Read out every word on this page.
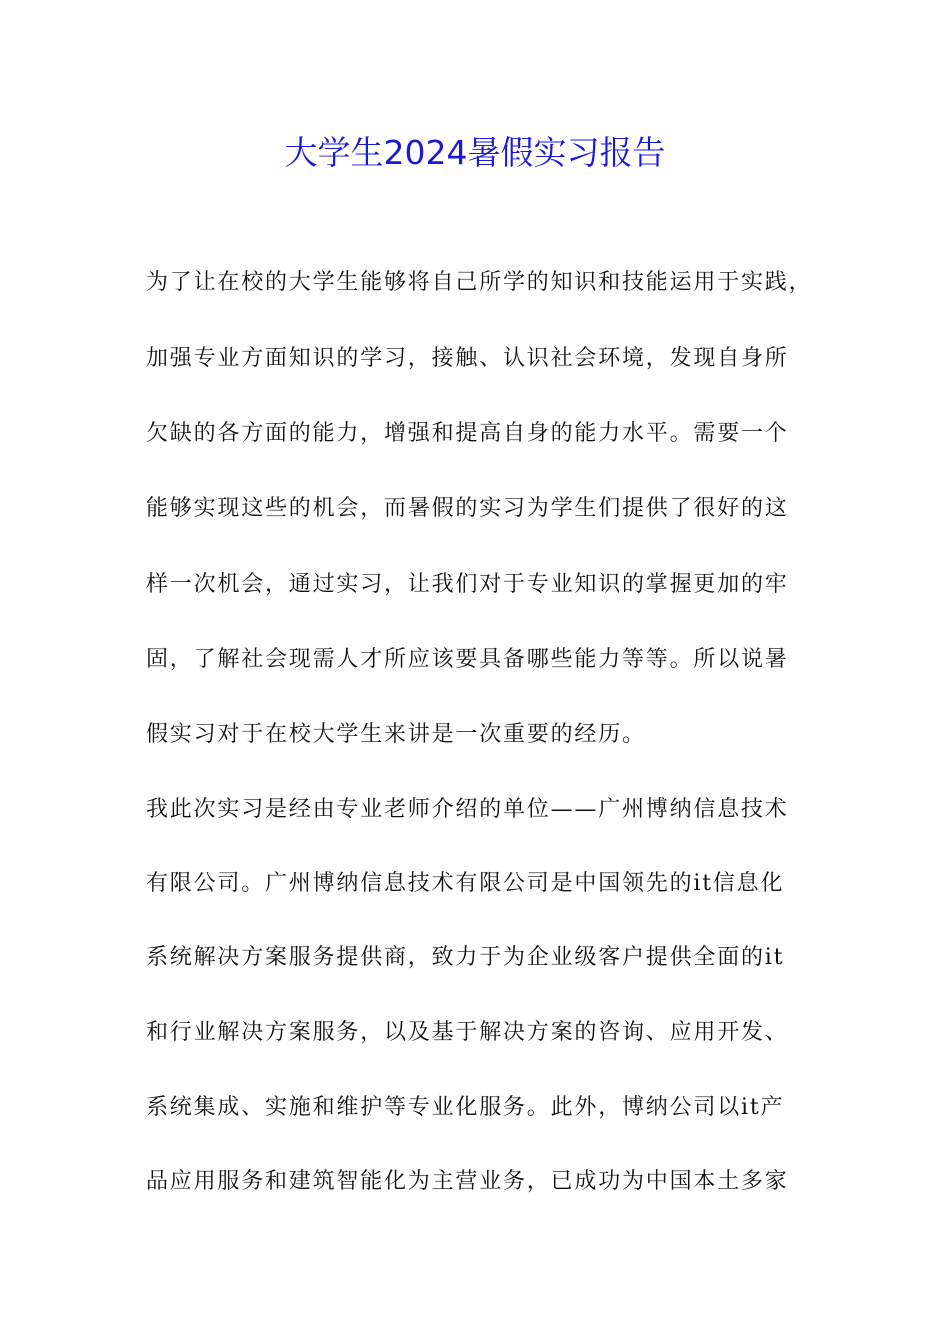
大学生2024暑假实习报告

为了让在校的大学生能够将自己所学的知识和技能运用于实践，

加强专业方面知识的学习，接触、认识社会环境，发现自身所

欠缺的各方面的能力，增强和提高自身的能力水平。需要一个

能够实现这些的机会，而暑假的实习为学生们提供了很好的这

样一次机会，通过实习，让我们对于专业知识的掌握更加的牢

固，了解社会现需人才所应该要具备哪些能力等等。所以说暑

假实习对于在校大学生来讲是一次重要的经历。

我此次实习是经由专业老师介绍的单位——广州博纳信息技术

有限公司。广州博纳信息技术有限公司是中国领先的it信息化

系统解决方案服务提供商，致力于为企业级客户提供全面的it

和行业解决方案服务，以及基于解决方案的咨询、应用开发、

系统集成、实施和维护等专业化服务。此外，博纳公司以it产

品应用服务和建筑智能化为主营业务，已成功为中国本土多家
